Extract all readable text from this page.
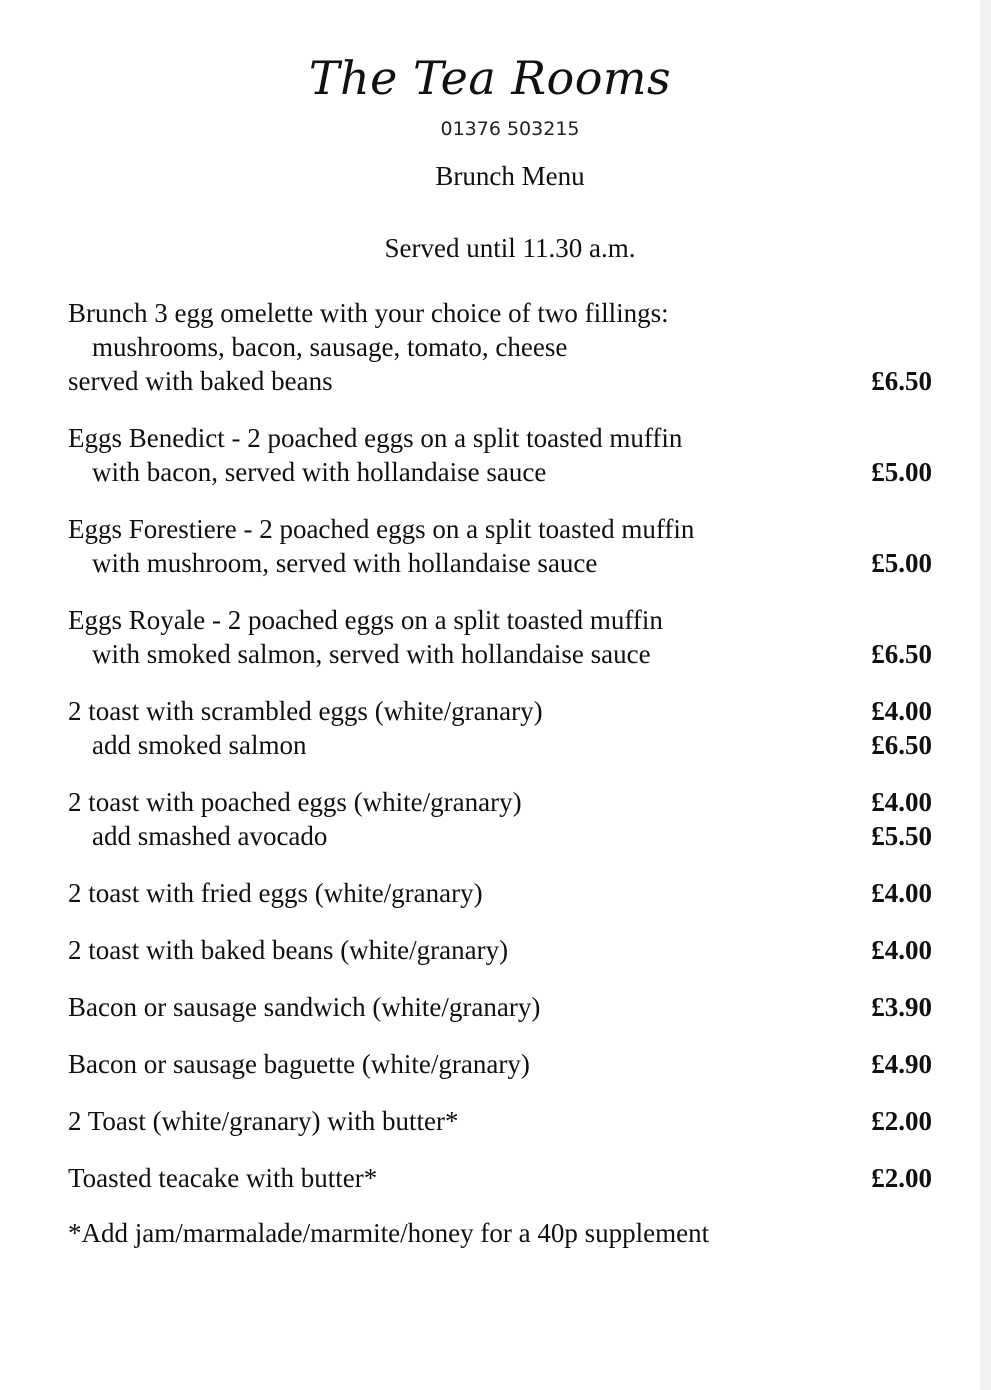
The Tea Rooms
01376 503215
Brunch Menu
Served until 11.30 a.m.
Brunch 3 egg omelette with your choice of two fillings:
mushrooms, bacon, sausage, tomato, cheese
served with baked beans	£6.50
Eggs Benedict - 2 poached eggs on a split toasted muffin
with bacon, served with hollandaise sauce	£5.00
Eggs Forestiere - 2 poached eggs on a split toasted muffin
with mushroom, served with hollandaise sauce	£5.00
Eggs Royale - 2 poached eggs on a split toasted muffin
with smoked salmon, served with hollandaise sauce	£6.50
2 toast with scrambled eggs (white/granary)	£4.00
add smoked salmon	£6.50
2 toast with poached eggs (white/granary)	£4.00
add smashed avocado	£5.50
2 toast with fried eggs (white/granary)	£4.00
2 toast with baked beans (white/granary)	£4.00
Bacon or sausage sandwich (white/granary)	£3.90
Bacon or sausage baguette (white/granary)	£4.90
2 Toast (white/granary) with butter*	£2.00
Toasted teacake with butter*	£2.00
*Add jam/marmalade/marmite/honey for a 40p supplement
